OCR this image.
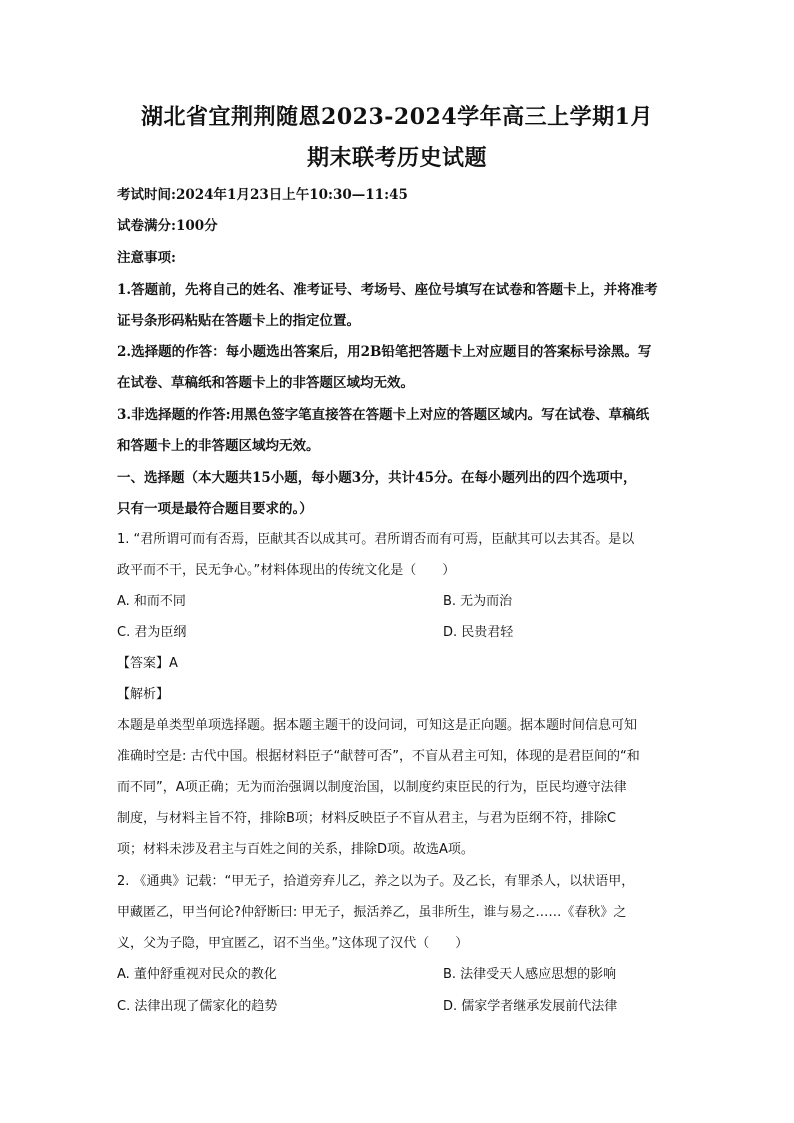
湖北省宜荆荆随恩2023-2024学年高三上学期1月
期末联考历史试题
考试时间:2024年1月23日上午10:30—11:45
试卷满分:100分
注意事项:
1.答题前，先将自己的姓名、准考证号、考场号、座位号填写在试卷和答题卡上，并将准考
证号条形码粘贴在答题卡上的指定位置。
2.选择题的作答：每小题选出答案后，用2B铅笔把答题卡上对应题目的答案标号涂黑。写
在试卷、草稿纸和答题卡上的非答题区域均无效。
3.非选择题的作答:用黑色签字笔直接答在答题卡上对应的答题区域内。写在试卷、草稿纸
和答题卡上的非答题区域均无效。
一、选择题（本大题共15小题，每小题3分，共计45分。在每小题列出的四个选项中，
只有一项是最符合题目要求的。）
1. “君所谓可而有否焉，臣献其否以成其可。君所谓否而有可焉，臣献其可以去其否。是以
政平而不干，民无争心。”材料体现出的传统文化是（　　）
A. 和而不同	B. 无为而治
C. 君为臣纲	D. 民贵君轻
【答案】A
【解析】
本题是单类型单项选择题。据本题主题干的设问词，可知这是正向题。据本题时间信息可知
准确时空是: 古代中国。根据材料臣子“献替可否”，不盲从君主可知，体现的是君臣间的“和
而不同”，A项正确；无为而治强调以制度治国，以制度约束臣民的行为，臣民均遵守法律
制度，与材料主旨不符，排除B项；材料反映臣子不盲从君主，与君为臣纲不符，排除C
项；材料未涉及君主与百姓之间的关系，排除D项。故选A项。
2. 《通典》记载：“甲无子，拾道旁弃儿乙，养之以为子。及乙长，有罪杀人，以状语甲，
甲藏匿乙，甲当何论?仲舒断曰: 甲无子，振活养乙，虽非所生，谁与易之……《春秋》之
义，父为子隐，甲宜匿乙，诏不当坐。”这体现了汉代（　　）
A. 董仲舒重视对民众的教化	B. 法律受天人感应思想的影响
C. 法律出现了儒家化的趋势	D. 儒家学者继承发展前代法律
